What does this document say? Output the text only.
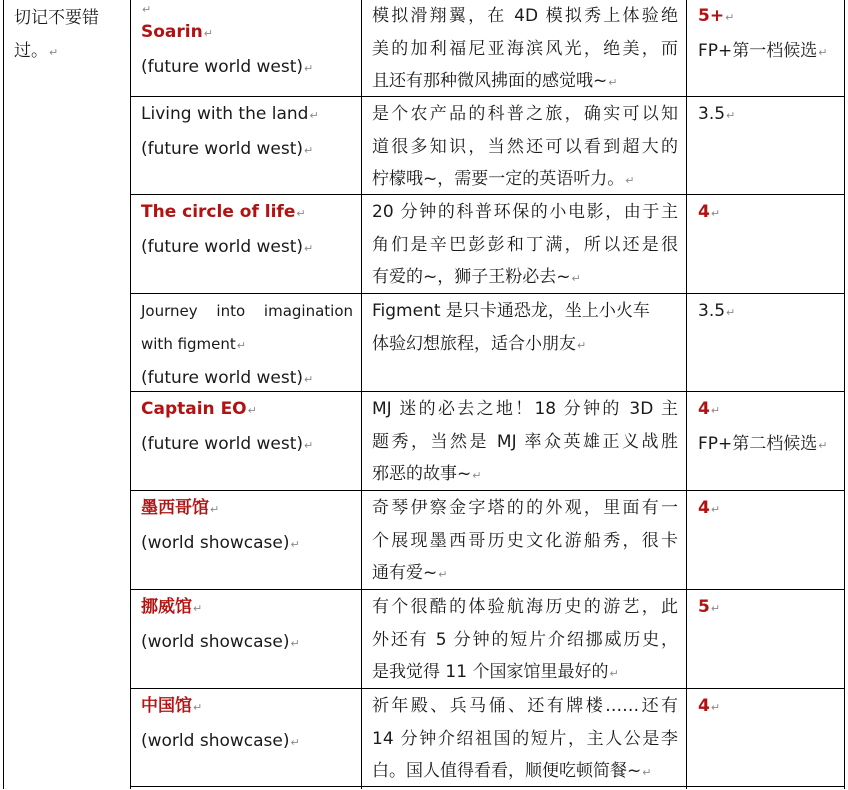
切记不要错
过。↵
↵
Soarin↵
(future world west)↵
模拟滑翔翼，在 4D 模拟秀上体验绝
美的加利福尼亚海滨风光，绝美，而
且还有那种微风拂面的感觉哦~↵
5+↵
FP+第一档候选↵
Living with the land↵
(future world west)↵
是个农产品的科普之旅，确实可以知
道很多知识，当然还可以看到超大的
柠檬哦~，需要一定的英语听力。↵
3.5↵
The circle of life↵
(future world west)↵
20 分钟的科普环保的小电影，由于主
角们是辛巴彭彭和丁满，所以还是很
有爱的~，狮子王粉必去~↵
4↵
Journey into imagination
with figment↵
(future world west)↵
Figment 是只卡通恐龙，坐上小火车
体验幻想旅程，适合小朋友↵
3.5↵
Captain EO↵
(future world west)↵
MJ 迷的必去之地！18 分钟的 3D 主
题秀，当然是 MJ 率众英雄正义战胜
邪恶的故事~↵
4↵
FP+第二档候选↵
墨西哥馆↵
(world showcase)↵
奇琴伊察金字塔的的外观，里面有一
个展现墨西哥历史文化游船秀，很卡
通有爱~↵
4↵
挪威馆↵
(world showcase)↵
有个很酷的体验航海历史的游艺，此
外还有 5 分钟的短片介绍挪威历史，
是我觉得 11 个国家馆里最好的↵
5↵
中国馆↵
(world showcase)↵
祈年殿、兵马俑、还有牌楼……还有
14 分钟介绍祖国的短片，主人公是李
白。国人值得看看，顺便吃顿简餐~↵
4↵
